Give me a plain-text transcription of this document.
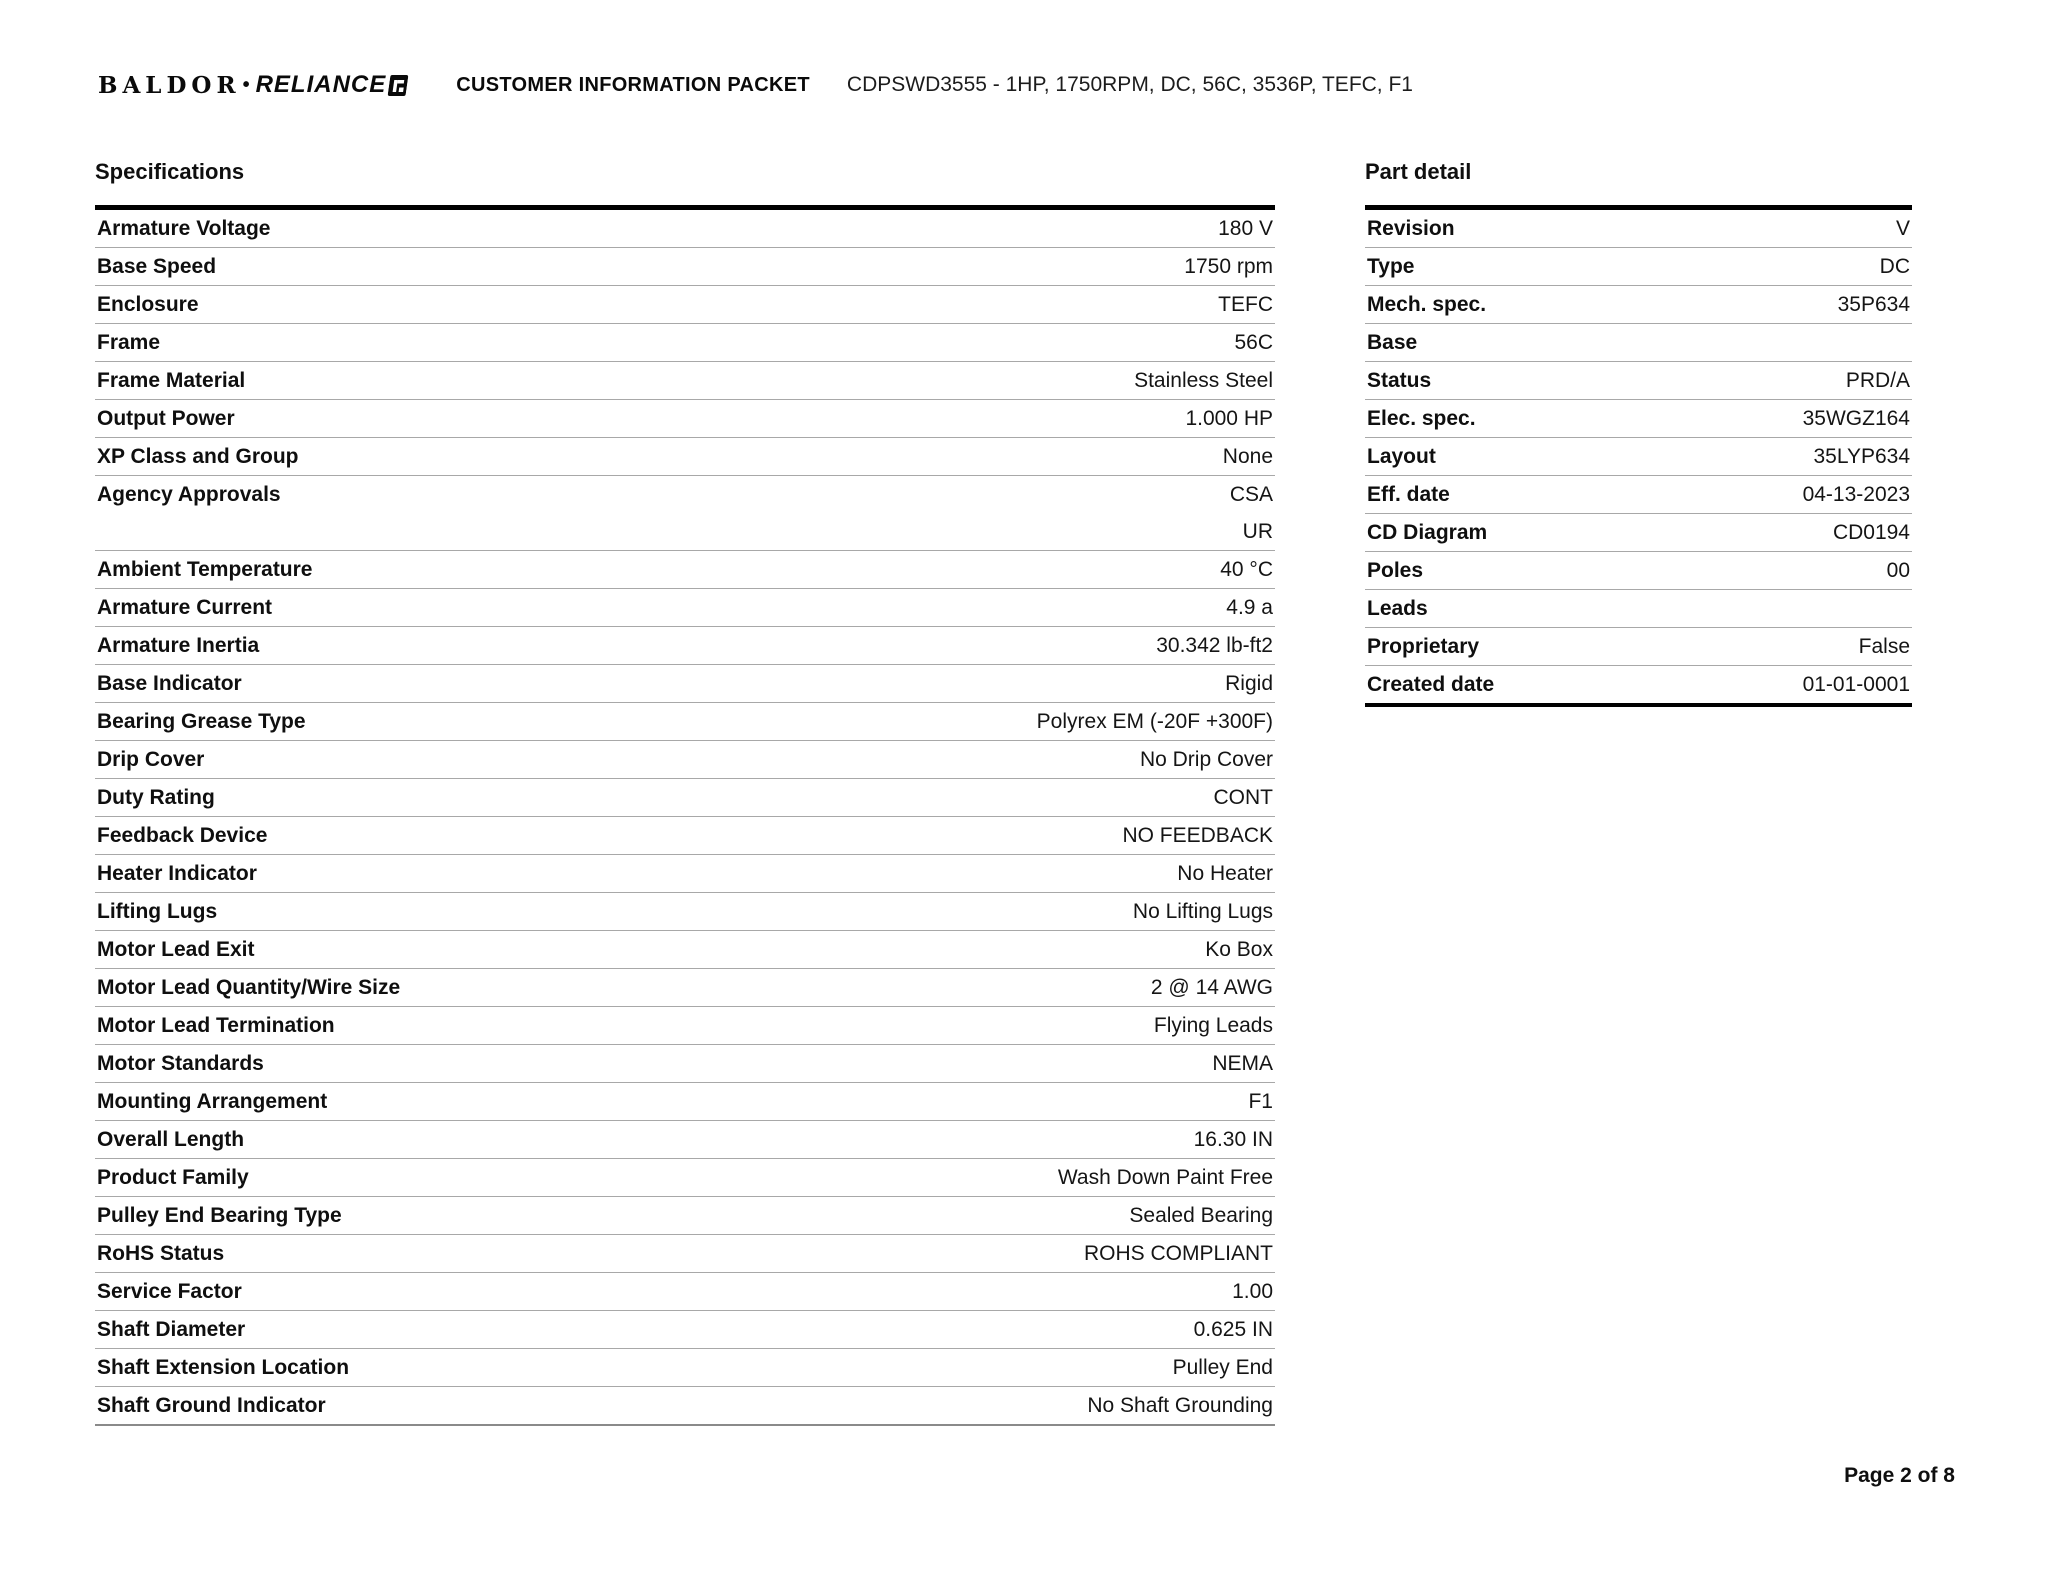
BALDOR • RELIANCE	CUSTOMER INFORMATION PACKET CDPSWD3555 - 1HP, 1750RPM, DC, 56C, 3536P, TEFC, F1
Specifications	Part detail
Armature Voltage	180 V
Base Speed	1750 rpm
Enclosure	TEFC
Frame	56C
Frame Material	Stainless Steel
Output Power	1.000 HP
XP Class and Group	None
Agency Approvals	CSA
UR
Ambient Temperature	40 °C
Armature Current	4.9 a
Armature Inertia	30.342 lb-ft2
Base Indicator	Rigid
Bearing Grease Type	Polyrex EM (-20F +300F)
Drip Cover	No Drip Cover
Duty Rating	CONT
Feedback Device	NO FEEDBACK
Heater Indicator	No Heater
Lifting Lugs	No Lifting Lugs
Motor Lead Exit	Ko Box
Motor Lead Quantity/Wire Size	2 @ 14 AWG
Motor Lead Termination	Flying Leads
Motor Standards	NEMA
Mounting Arrangement	F1
Overall Length	16.30 IN
Product Family	Wash Down Paint Free
Pulley End Bearing Type	Sealed Bearing
RoHS Status	ROHS COMPLIANT
Service Factor	1.00
Shaft Diameter	0.625 IN
Shaft Extension Location	Pulley End
Shaft Ground Indicator	No Shaft Grounding
Revision	V
Type	DC
Mech. spec.	35P634
Base
Status	PRD/A
Elec. spec.	35WGZ164
Layout	35LYP634
Eff. date	04-13-2023
CD Diagram	CD0194
Poles	00
Leads
Proprietary	False
Created date	01-01-0001
Page 2 of 8
